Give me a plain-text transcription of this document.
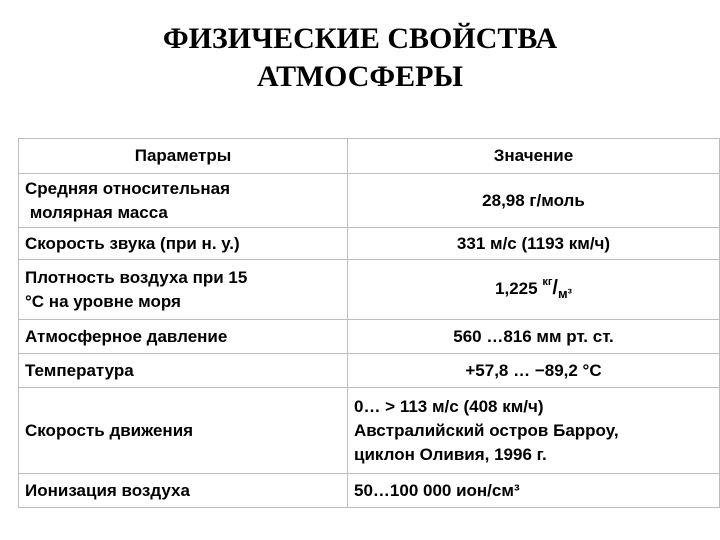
ФИЗИЧЕСКИЕ СВОЙСТВА
АТМОСФЕРЫ
Параметры	Значение
Средняя относительная
молярная масса	28,98 г/моль
Скорость звука (при н. у.)	331 м/с (1193 км/ч)
Плотность воздуха при 15
°C на уровне моря	1,225 $^{кг}/_{м^3}$
Атмосферное давление	560 …816 мм рт. ст.
Температура	+57,8 … −89,2 °С
Скорость движения	0… > 113 м/с (408 км/ч)
Австралийский остров Барроу,
циклон Оливия, 1996 г.
Ионизация воздуха	50…100 000 ион/см³
